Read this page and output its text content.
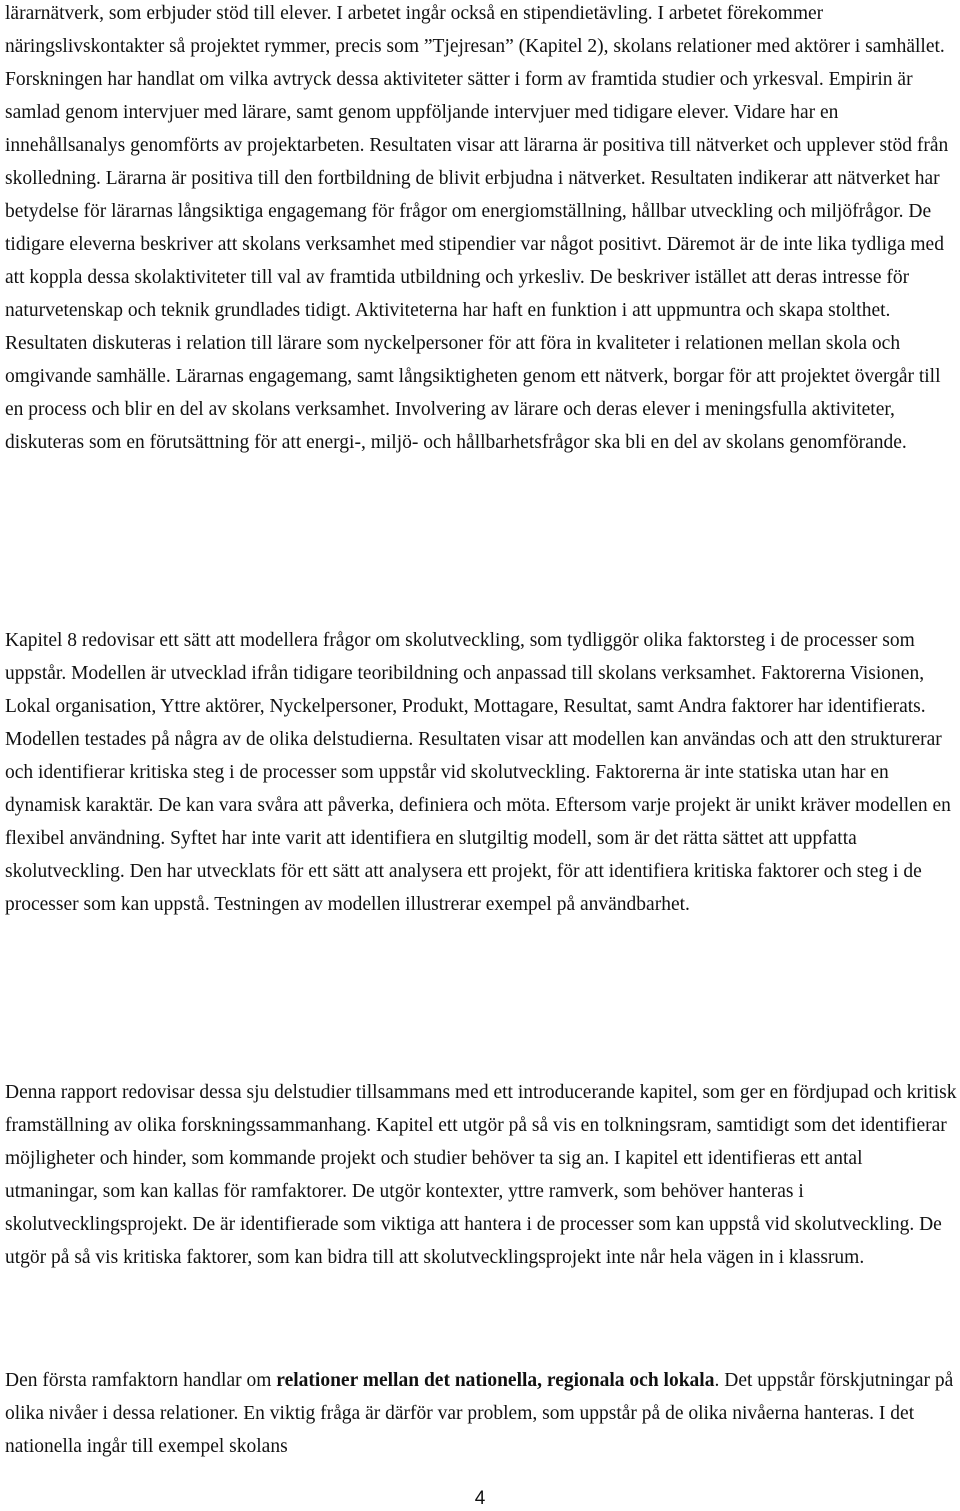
lärarnätverk, som erbjuder stöd till elever. I arbetet ingår också en stipendietävling. I arbetet förekommer näringslivskontakter så projektet rymmer, precis som ”Tjejresan” (Kapitel 2), skolans relationer med aktörer i samhället. Forskningen har handlat om vilka avtryck dessa aktiviteter sätter i form av framtida studier och yrkesval. Empirin är samlad genom intervjuer med lärare, samt genom uppföljande intervjuer med tidigare elever. Vidare har en innehållsanalys genomförts av projektarbeten. Resultaten visar att lärarna är positiva till nätverket och upplever stöd från skolledning. Lärarna är positiva till den fortbildning de blivit erbjudna i nätverket. Resultaten indikerar att nätverket har betydelse för lärarnas långsiktiga engagemang för frågor om energiomställning, hållbar utveckling och miljöfrågor. De tidigare eleverna beskriver att skolans verksamhet med stipendier var något positivt. Däremot är de inte lika tydliga med att koppla dessa skolaktiviteter till val av framtida utbildning och yrkesliv. De beskriver istället att deras intresse för naturvetenskap och teknik grundlades tidigt. Aktiviteterna har haft en funktion i att uppmuntra och skapa stolthet. Resultaten diskuteras i relation till lärare som nyckelpersoner för att föra in kvaliteter i relationen mellan skola och omgivande samhälle. Lärarnas engagemang, samt långsiktigheten genom ett nätverk, borgar för att projektet övergår till en process och blir en del av skolans verksamhet. Involvering av lärare och deras elever i meningsfulla aktiviteter, diskuteras som en förutsättning för att energi-, miljö- och hållbarhetsfrågor ska bli en del av skolans genomförande.

Kapitel 8 redovisar ett sätt att modellera frågor om skolutveckling, som tydliggör olika faktorsteg i de processer som uppstår. Modellen är utvecklad ifrån tidigare teoribildning och anpassad till skolans verksamhet. Faktorerna Visionen, Lokal organisation, Yttre aktörer, Nyckelpersoner, Produkt, Mottagare, Resultat, samt Andra faktorer har identifierats. Modellen testades på några av de olika delstudierna. Resultaten visar att modellen kan användas och att den strukturerar och identifierar kritiska steg i de processer som uppstår vid skolutveckling. Faktorerna är inte statiska utan har en dynamisk karaktär. De kan vara svåra att påverka, definiera och möta. Eftersom varje projekt är unikt kräver modellen en flexibel användning. Syftet har inte varit att identifiera en slutgiltig modell, som är det rätta sättet att uppfatta skolutveckling. Den har utvecklats för ett sätt att analysera ett projekt, för att identifiera kritiska faktorer och steg i de processer som kan uppstå. Testningen av modellen illustrerar exempel på användbarhet.

Denna rapport redovisar dessa sju delstudier tillsammans med ett introducerande kapitel, som ger en fördjupad och kritisk framställning av olika forskningssammanhang. Kapitel ett utgör på så vis en tolkningsram, samtidigt som det identifierar möjligheter och hinder, som kommande projekt och studier behöver ta sig an. I kapitel ett identifieras ett antal utmaningar, som kan kallas för ramfaktorer. De utgör kontexter, yttre ramverk, som behöver hanteras i skolutvecklingsprojekt. De är identifierade som viktiga att hantera i de processer som kan uppstå vid skolutveckling. De utgör på så vis kritiska faktorer, som kan bidra till att skolutvecklingsprojekt inte når hela vägen in i klassrum.

Den första ramfaktorn handlar om relationer mellan det nationella, regionala och lokala. Det uppstår förskjutningar på olika nivåer i dessa relationer. En viktig fråga är därför var problem, som uppstår på de olika nivåerna hanteras. I det nationella ingår till exempel skolans

4
